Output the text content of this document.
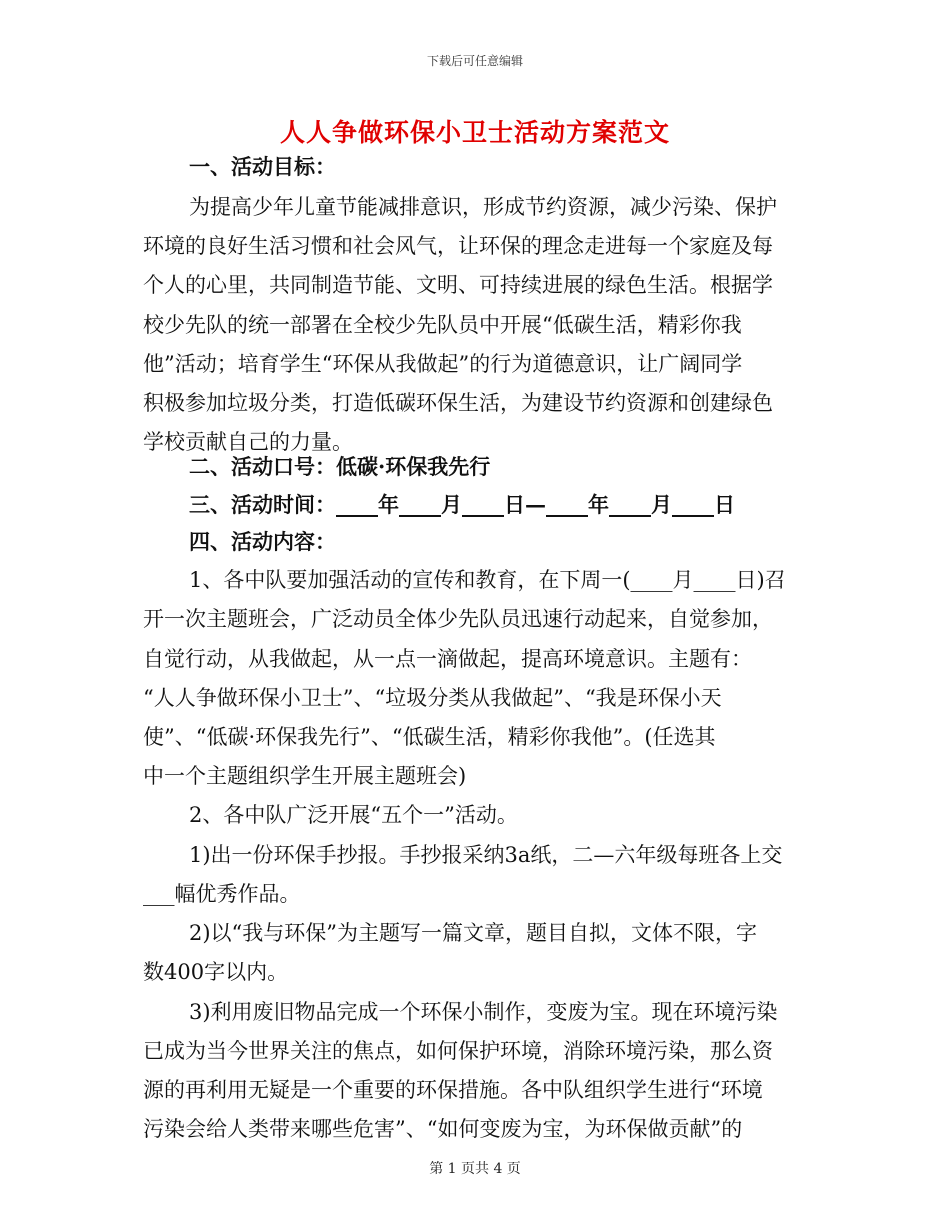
下载后可任意编辑
人人争做环保小卫士活动方案范文
一、活动目标：
为提高少年儿童节能减排意识，形成节约资源，减少污染、保护
环境的良好生活习惯和社会风气，让环保的理念走进每一个家庭及每
个人的心里，共同制造节能、文明、可持续进展的绿色生活。根据学
校少先队的统一部署在全校少先队员中开展“低碳生活，精彩你我
他”活动；培育学生“环保从我做起”的行为道德意识，让广阔同学
积极参加垃圾分类，打造低碳环保生活，为建设节约资源和创建绿色
学校贡献自己的力量。
二、活动口号：低碳·环保我先行
三、活动时间：____年____月____日—____年____月____日
四、活动内容：
1、各中队要加强活动的宣传和教育，在下周一(____月____日)召
开一次主题班会，广泛动员全体少先队员迅速行动起来，自觉参加，
自觉行动，从我做起，从一点一滴做起，提高环境意识。主题有：
“人人争做环保小卫士”、“垃圾分类从我做起”、“我是环保小天
使”、“低碳·环保我先行”、“低碳生活，精彩你我他”。(任选其
中一个主题组织学生开展主题班会)
2、各中队广泛开展“五个一”活动。
1)出一份环保手抄报。手抄报采纳3a纸，二—六年级每班各上交
___幅优秀作品。
2)以“我与环保”为主题写一篇文章，题目自拟，文体不限，字
数400字以内。
3)利用废旧物品完成一个环保小制作，变废为宝。现在环境污染
已成为当今世界关注的焦点，如何保护环境，消除环境污染，那么资
源的再利用无疑是一个重要的环保措施。各中队组织学生进行“环境
污染会给人类带来哪些危害”、“如何变废为宝，为环保做贡献”的
第 1 页共 4 页
